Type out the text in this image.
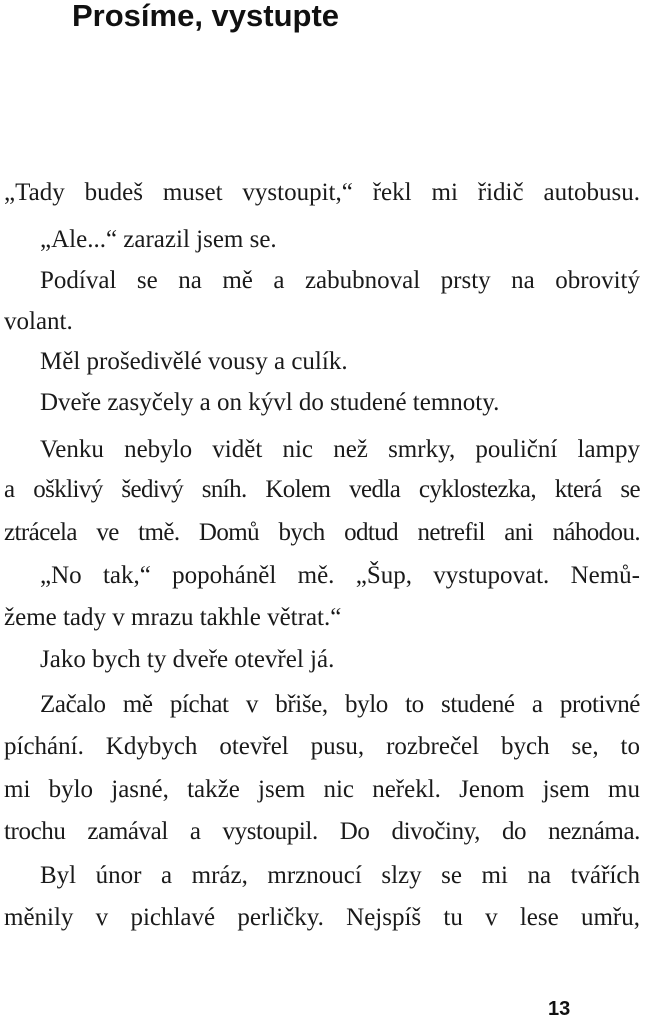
Prosíme, vystupte
„Tady budeš muset vystoupit,“ řekl mi řidič autobusu.
„Ale...“ zarazil jsem se.
Podíval se na mě a zabubnoval prsty na obrovitý
volant.
Měl prošedivělé vousy a culík.
Dveře zasyčely a on kývl do studené temnoty.
Venku nebylo vidět nic než smrky, pouliční lampy
a ošklivý šedivý sníh. Kolem vedla cyklostezka, která se
ztrácela ve tmě. Domů bych odtud netrefil ani náhodou.
„No tak,“ popoháněl mě. „Šup, vystupovat. Nemů-
žeme tady v mrazu takhle větrat.“
Jako bych ty dveře otevřel já.
Začalo mě píchat v břiše, bylo to studené a protivné
píchání. Kdybych otevřel pusu, rozbrečel bych se, to
mi bylo jasné, takže jsem nic neřekl. Jenom jsem mu
trochu zamával a vystoupil. Do divočiny, do neznáma.
Byl únor a mráz, mrznoucí slzy se mi na tvářích
měnily v pichlavé perličky. Nejspíš tu v lese umřu,
13
